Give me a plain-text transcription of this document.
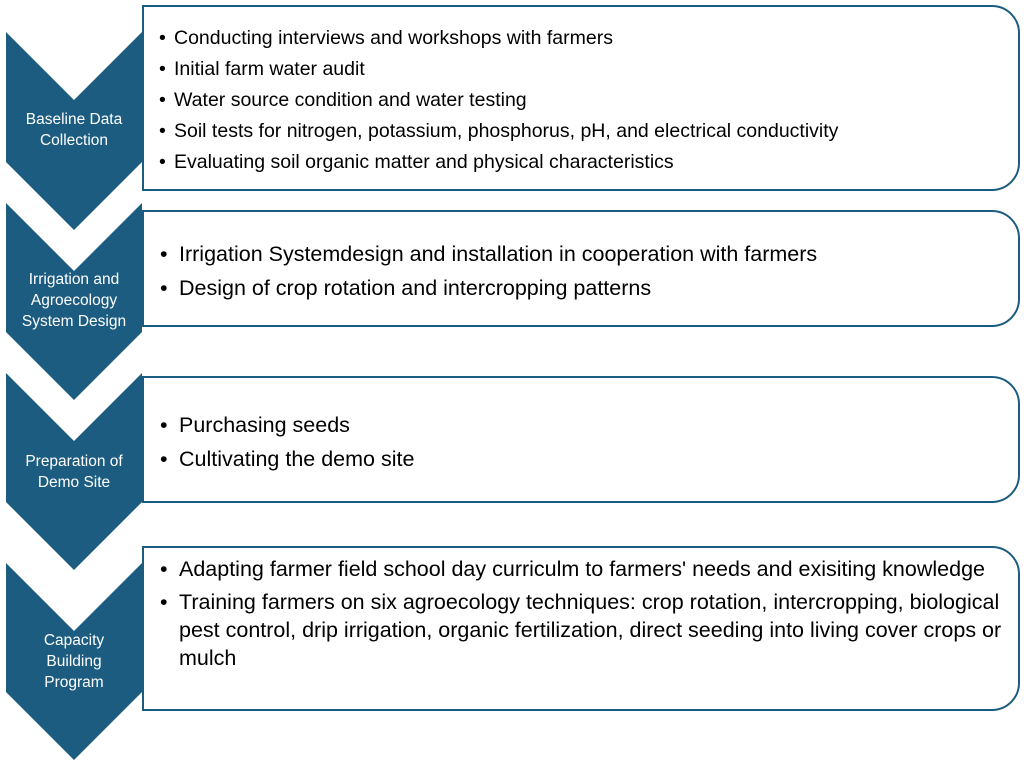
Baseline Data
Collection
Irrigation and
Agroecology
System Design
Preparation of
Demo Site
Capacity
Building
Program
• Conducting interviews and workshops with farmers
• Initial farm water audit
• Water source condition and water testing
• Soil tests for nitrogen, potassium, phosphorus, pH, and electrical conductivity
• Evaluating soil organic matter and physical characteristics
• Irrigation Systemdesign and installation in cooperation with farmers
• Design of crop rotation and intercropping patterns
• Purchasing seeds
• Cultivating the demo site
• Adapting farmer field school day curriculm to farmers' needs and exisiting knowledge
• Training farmers on six agroecology techniques: crop rotation, intercropping, biological pest control, drip irrigation, organic fertilization, direct seeding into living cover crops or mulch
